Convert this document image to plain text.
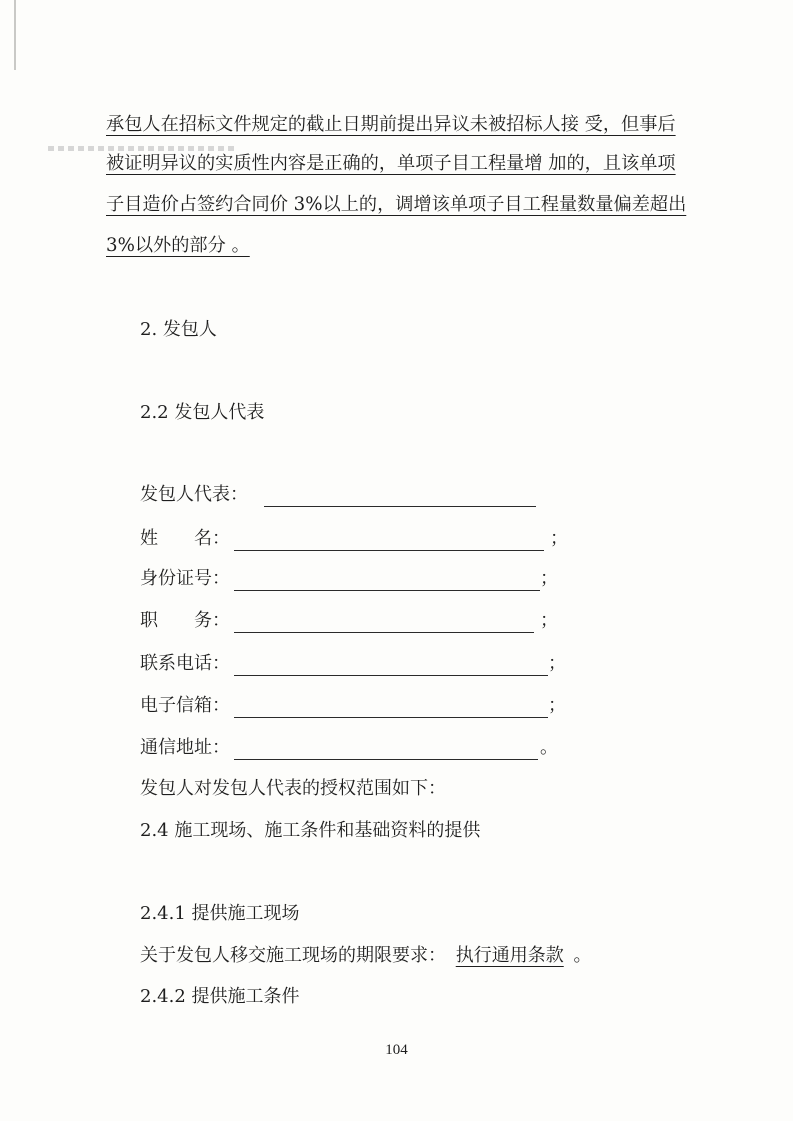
承包人在招标文件规定的截止日期前提出异议未被招标人接 受，但事后
被证明异议的实质性内容是正确的，单项子目工程量增 加的，且该单项
子目造价占签约合同价 3%以上的，调增该单项子目工程量数量偏差超出
3%以外的部分 。
2. 发包人
2.2 发包人代表
发包人代表：
姓　　名：	；
身份证号：	；
职　　务：	；
联系电话：	；
电子信箱：	；
通信地址：	。
发包人对发包人代表的授权范围如下：
2.4 施工现场、施工条件和基础资料的提供
2.4.1 提供施工现场
关于发包人移交施工现场的期限要求： 执行通用条款 。
2.4.2 提供施工条件
104
